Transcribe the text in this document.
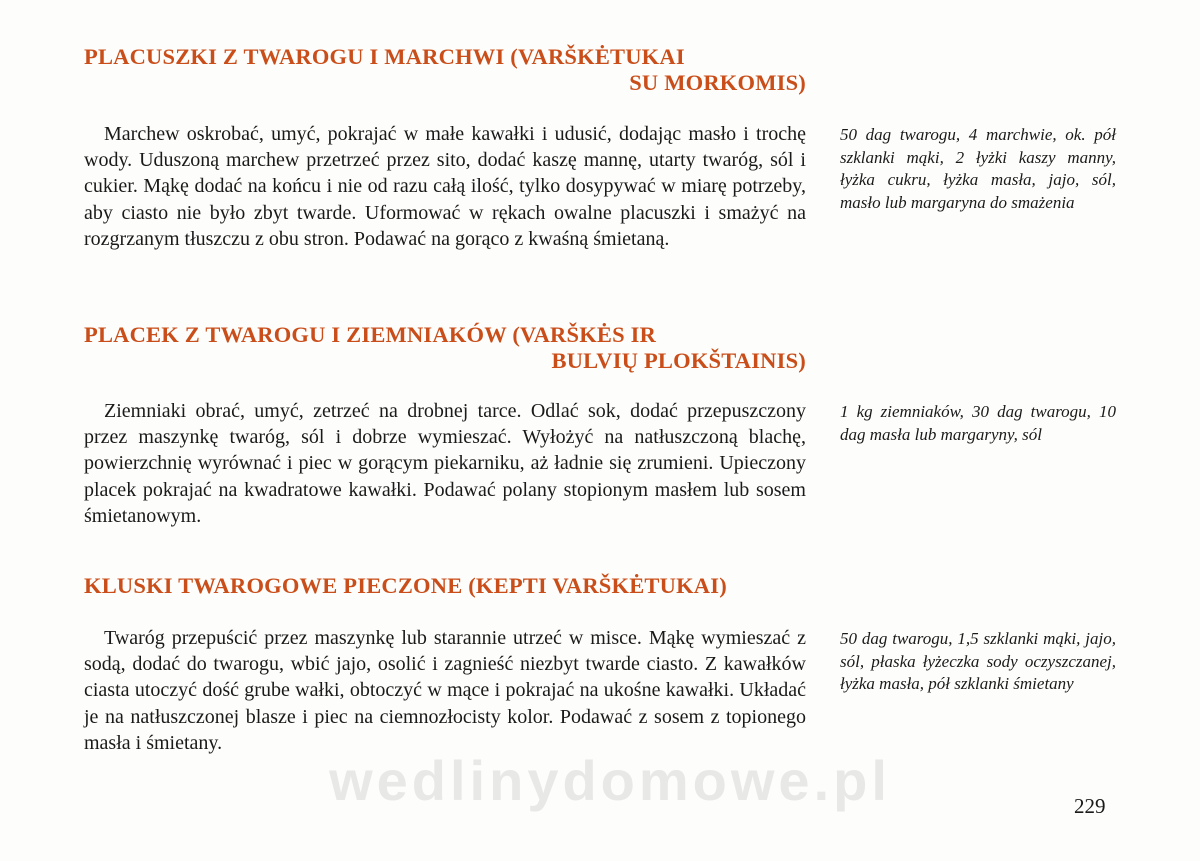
PLACUSZKI Z TWAROGU I MARCHWI (VARŠKĖTUKAI
SU MORKOMIS)

Marchew oskrobać, umyć, pokrajać w małe kawałki i udusić, dodając masło i trochę wody. Uduszoną marchew przetrzeć przez sito, dodać kaszę mannę, utarty twaróg, sól i cukier. Mąkę dodać na końcu i nie od razu całą ilość, tylko dosypywać w miarę potrzeby, aby ciasto nie było zbyt twarde. Uformować w rękach owalne placuszki i smażyć na rozgrzanym tłuszczu z obu stron. Podawać na gorąco z kwaśną śmietaną.

50 dag twarogu, 4 marchwie, ok. pół szklanki mąki, 2 łyżki kaszy manny, łyżka cukru, łyżka masła, jajo, sól, masło lub margaryna do smażenia

PLACEK Z TWAROGU I ZIEMNIAKÓW (VARŠKĖS IR
BULVIŲ PLOKŠTAINIS)

Ziemniaki obrać, umyć, zetrzeć na drobnej tarce. Odlać sok, dodać przepuszczony przez maszynkę twaróg, sól i dobrze wymieszać. Wyłożyć na natłuszczoną blachę, powierzchnię wyrównać i piec w gorącym piekarniku, aż ładnie się zrumieni. Upieczony placek pokrajać na kwadratowe kawałki. Podawać polany stopionym masłem lub sosem śmietanowym.

1 kg ziemniaków, 30 dag twarogu, 10 dag masła lub margaryny, sól

KLUSKI TWAROGOWE PIECZONE (KEPTI VARŠKĖTUKAI)

Twaróg przepuścić przez maszynkę lub starannie utrzeć w misce. Mąkę wymieszać z sodą, dodać do twarogu, wbić jajo, osolić i zagnieść niezbyt twarde ciasto. Z kawałków ciasta utoczyć dość grube wałki, obtoczyć w mące i pokrajać na ukośne kawałki. Układać je na natłuszczonej blasze i piec na ciemnozłocisty kolor. Podawać z sosem z topionego masła i śmietany.

50 dag twarogu, 1,5 szklanki mąki, jajo, sól, płaska łyżeczka sody oczyszczanej, łyżka masła, pół szklanki śmietany

wedlinydomowe.pl	229
